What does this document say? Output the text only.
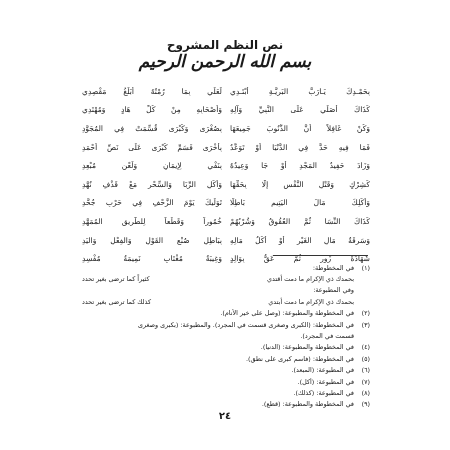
نص النظم المشروح
بسم الله الرحمن الرحيم
بِحَمْـدِكَ يَـارَبَّ البَرِيَّـةِ أَبْتَـدِي
لَعَلِّي بِمَا رُمْتُهُ أُبَلِّغُ مَقْصِدِي
كَذَاكَ أُصَلِّي عَلَى النَّبِيِّ وَآلِهِ
وَأَصْحَابِهِ مِنْ كُلِّ هَادٍ وَمُهْتَدِي
وَكُنْ غَافِلاً أَنَّ الذُّنُوبَ جَمِيعَهَا
بِصُغْرَى وَكُبْرَى قُسِّمَتْ فِي المُجَوَّدِ
فَمَا فِيهِ حَدٌّ فِي الدُّنْيَا أَوْ تَوَعُّدٌ
بِأُخْرَى فَسَمِّ كُبْرَى عَلَى نَصِّ أَحْمَدِ
وَزَادَ حَفِيدُ المَجْدِ أَوْ جَا وَعِيدُهُ
بِنَفْيٍ لِإِيمَانٍ وَلَعْنٍ مُبْعِدِ
كَشِرْكٍ وَقَتْلِ النَّفْسِ إِلَّا بِحَقِّهَا
وَأَكْلِ الرِّبَا وَالسِّحْرِ مَعْ قَذْفِ نُهَّدِ
وَأَكْلِكَ مَالَ اليَتِيمِ بَاطِلًا
تَوَلِّيكَ يَوْمَ الزَّحْفِ فِي حَرْبِ جُحَّدِ
كَذَاكَ النِّسَا ثُمَّ العُقُوقُ وَشُرْبُهُمْ
خُمُوراً وَقَطْعاً لِلطَّرِيقِ المُمَهَّدِ
وَسَرِقَةُ مَالِ الغَيْرِ أَوْ أَكْلُ مَالِهِ
بِبَاطِلِ صُنْعِ القَوْلِ وَالفِعْلِ وَاليَدِ
شَهَادَةُ زُورٍ ثُمَّ عَقُّ بِوَالِدٍ
وَغِيبَةُ مُغْتَابٍ نَمِيمَةُ مُفْسِدِ
(١)
في المخطوطة:
بحمدك ذي الإكرام ما دمت أقتدي
كثيراً كما ترضى بغير تحدد
وفي المطبوعة:
بحمدك ذي الإكرام ما دمت أبتدي
كذلك كما ترضى بغير تحدد
(٢)
في المخطوطة والمطبوعة: (وصل على خير الأنام).
(٣)
في المخطوطة: (الكبرى وصغرى قسمت في المجرد). والمطبوعة: (بكبرى وصغرى
قسمت في المجرد).
(٤)
في المخطوطة والمطبوعة: (الدنيا).
(٥)
في المخطوطة: (فاسم كبرى على نطق).
(٦)
في المطبوعة: (المبعد).
(٧)
في المطبوعة: (أكل).
(٨)
في المطبوعة: (كذلك).
(٩)
في المخطوطة والمطبوعة: (قطع).
٢٤
